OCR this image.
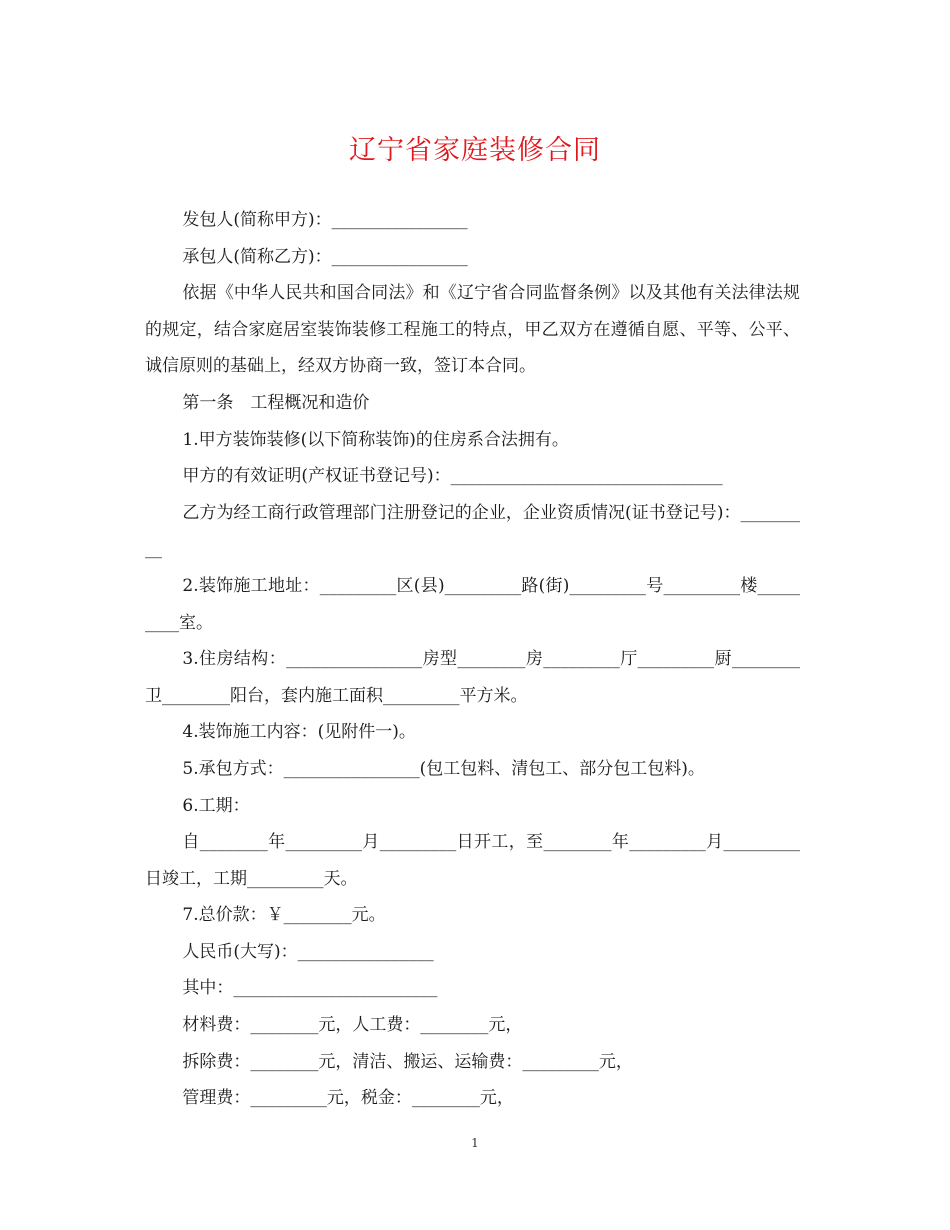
辽宁省家庭装修合同

发包人(简称甲方)：________________

承包人(简称乙方)：________________

依据《中华人民共和国合同法》和《辽宁省合同监督条例》以及其他有关法律法规的规定，结合家庭居室装饰装修工程施工的特点，甲乙双方在遵循自愿、平等、公平、诚信原则的基础上，经双方协商一致，签订本合同。

第一条　工程概况和造价

1.甲方装饰装修(以下简称装饰)的住房系合法拥有。

甲方的有效证明(产权证书登记号)：________________________________

乙方为经工商行政管理部门注册登记的企业，企业资质情况(证书登记号)：_________

2.装饰施工地址：_________区(县)_________路(街)_________号_________楼_________室。

3.住房结构：________________房型________房_________厅_________厨________卫________阳台，套内施工面积_________平方米。

4.装饰施工内容：(见附件一)。

5.承包方式：________________(包工包料、清包工、部分包工包料)。

6.工期：

自________年_________月_________日开工，至________年_________月_________日竣工，工期_________天。

7.总价款：￥________元。

人民币(大写)：________________

其中：________________________

材料费：________元，人工费：________元，

拆除费：________元，清洁、搬运、运输费：_________元，

管理费：_________元，税金：________元，

1
